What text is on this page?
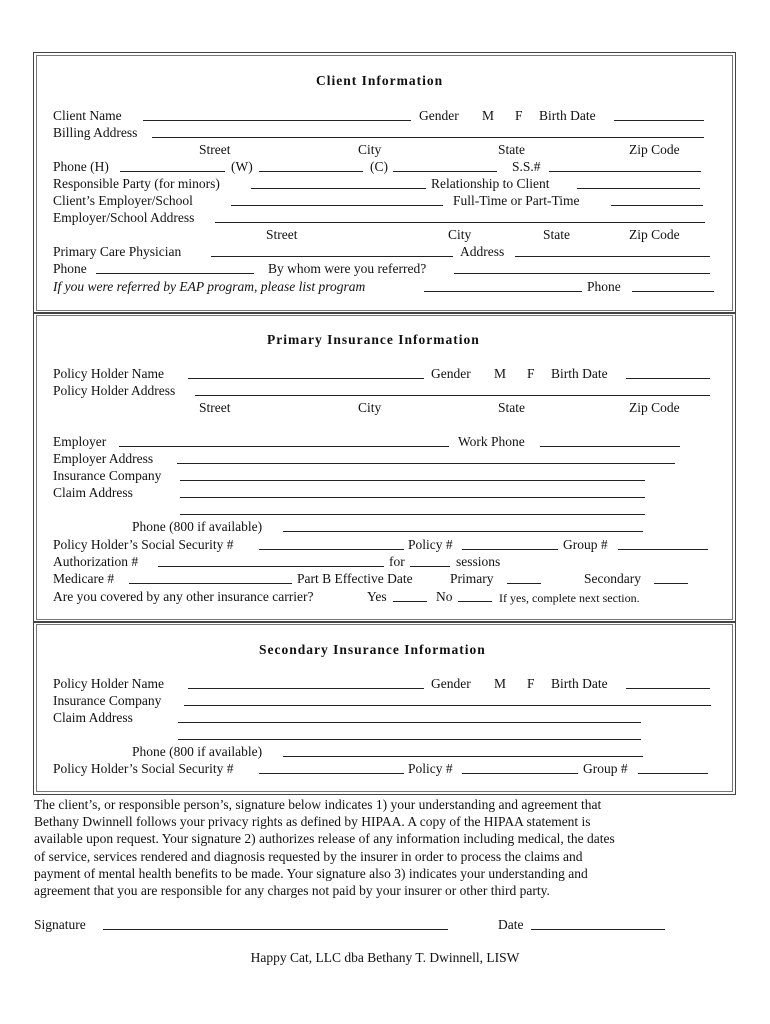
Client Information
Client Name	Gender M F Birth Date
Billing Address
Street	City	State	Zip Code
Phone (H)	(W)	(C)	S.S.#
Responsible Party (for minors)	Relationship to Client
Client’s Employer/School	Full-Time or Part-Time
Employer/School Address
Street	City	State	Zip Code
Primary Care Physician	Address
Phone	By whom were you referred?
If you were referred by EAP program, please list program	Phone
Primary Insurance Information
Policy Holder Name	Gender M F Birth Date
Policy Holder Address
Street	City	State	Zip Code
Employer	Work Phone
Employer Address
Insurance Company
Claim Address
Phone (800 if available)
Policy Holder’s Social Security #	Policy #	Group #
Authorization #	for	sessions
Medicare #	Part B Effective Date	Primary	Secondary
Are you covered by any other insurance carrier?	Yes	No	If yes, complete next section.
Secondary Insurance Information
Policy Holder Name	Gender M F Birth Date
Insurance Company
Claim Address
Phone (800 if available)
Policy Holder’s Social Security #	Policy #	Group #
The client’s, or responsible person’s, signature below indicates 1) your understanding and agreement that
Bethany Dwinnell follows your privacy rights as defined by HIPAA. A copy of the HIPAA statement is
available upon request. Your signature 2) authorizes release of any information including medical, the dates
of service, services rendered and diagnosis requested by the insurer in order to process the claims and
payment of mental health benefits to be made. Your signature also 3) indicates your understanding and
agreement that you are responsible for any charges not paid by your insurer or other third party.
Signature	Date
Happy Cat, LLC dba Bethany T. Dwinnell, LISW
